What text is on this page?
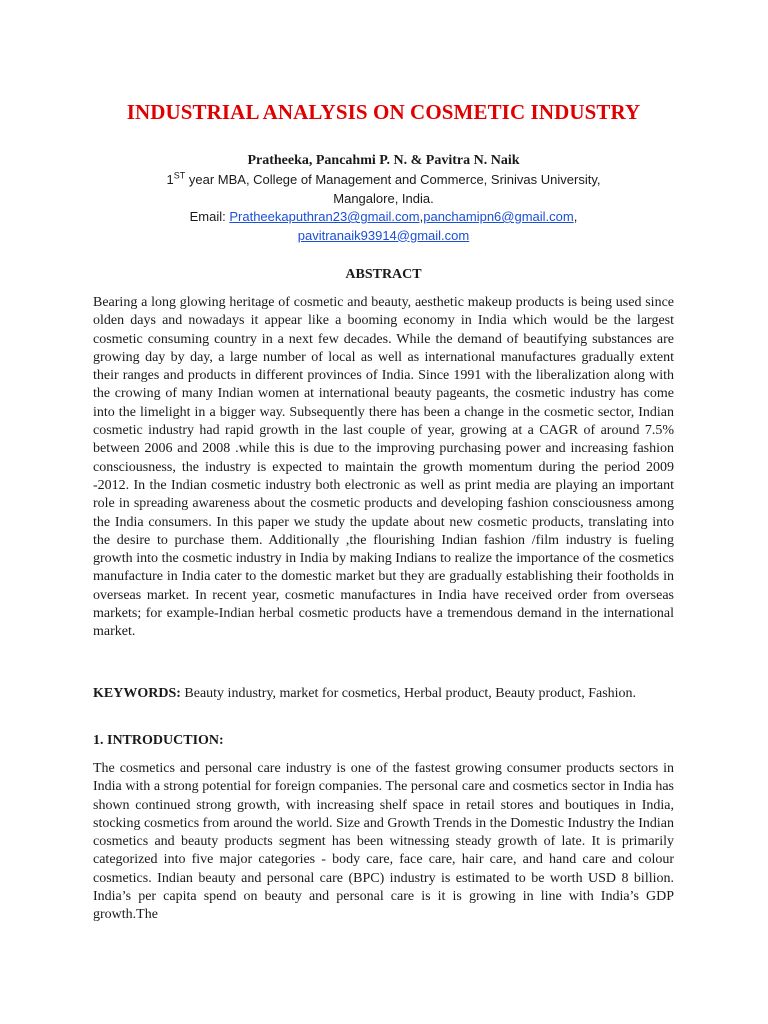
INDUSTRIAL ANALYSIS ON COSMETIC INDUSTRY

Pratheeka, Pancahmi P. N. & Pavitra N. Naik

1ST year MBA, College of Management and Commerce, Srinivas University,
Mangalore, India.
Email: Pratheekaputhran23@gmail.com,panchamipn6@gmail.com,
pavitranaik93914@gmail.com
ABSTRACT

Bearing a long glowing heritage of cosmetic and beauty, aesthetic makeup products is being used since olden days and nowadays it appear like a booming economy in India which would be the largest cosmetic consuming country in a next few decades. While the demand of beautifying substances are growing day by day, a large number of local as well as international manufactures gradually extent their ranges and products in different provinces of India. Since 1991 with the liberalization along with the crowing of many Indian women at international beauty pageants, the cosmetic industry has come into the limelight in a bigger way. Subsequently there has been a change in the cosmetic sector, Indian cosmetic industry had rapid growth in the last couple of year, growing at a CAGR of around 7.5% between 2006 and 2008 .while this is due to the improving purchasing power and increasing fashion consciousness, the industry is expected to maintain the growth momentum during the period 2009 -2012. In the Indian cosmetic industry both electronic as well as print media are playing an important role in spreading awareness about the cosmetic products and developing fashion consciousness among the India consumers. In this paper we study the update about new cosmetic products, translating into the desire to purchase them. Additionally ,the flourishing Indian fashion /film industry is fueling growth into the cosmetic industry in India by making Indians to realize the importance of the cosmetics manufacture in India cater to the domestic market but they are gradually establishing their footholds in overseas market. In recent year, cosmetic manufactures in India have received order from overseas markets; for example-Indian herbal cosmetic products have a tremendous demand in the international market.

KEYWORDS: Beauty industry, market for cosmetics, Herbal product, Beauty product, Fashion.

1. INTRODUCTION:

The cosmetics and personal care industry is one of the fastest growing consumer products sectors in India with a strong potential for foreign companies. The personal care and cosmetics sector in India has shown continued strong growth, with increasing shelf space in retail stores and boutiques in India, stocking cosmetics from around the world. Size and Growth Trends in the Domestic Industry the Indian cosmetics and beauty products segment has been witnessing steady growth of late. It is primarily categorized into five major categories - body care, face care, hair care, and hand care and colour cosmetics. Indian beauty and personal care (BPC) industry is estimated to be worth USD 8 billion. India’s per capita spend on beauty and personal care is it is growing in line with India’s GDP growth.The
